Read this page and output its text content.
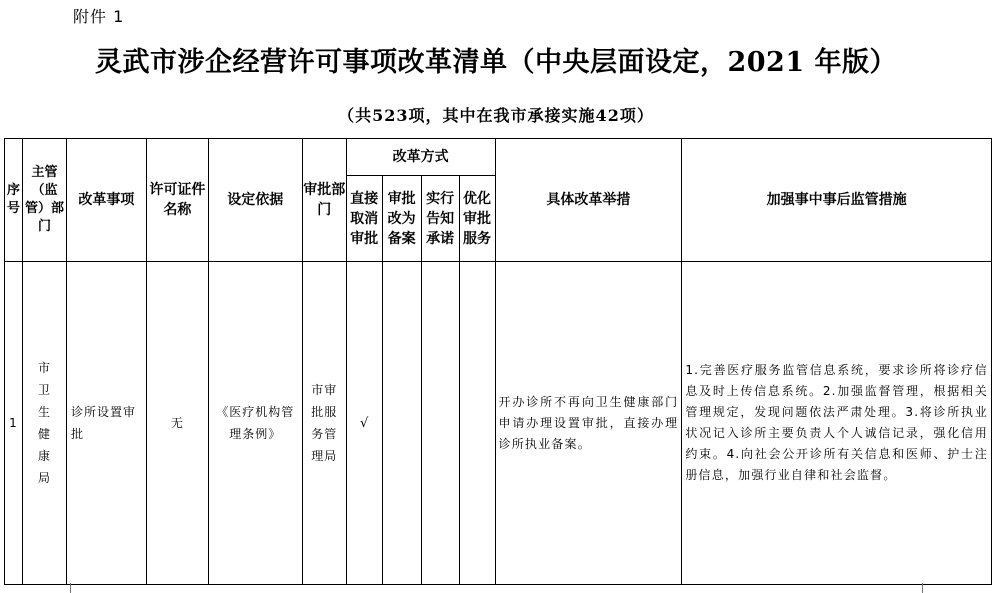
附件 1
灵武市涉企经营许可事项改革清单（中央层面设定，2021 年版）
（共523项，其中在我市承接实施42项）
序号	主管（监管）部门	改革事项	许可证件名称	设定依据	审批部门	改革方式				具体改革举措	加强事中事后监管措施
						直接取消审批	审批改为备案	实行告知承诺	优化审批服务		
1	市卫生健康局	诊所设置审批	无	《医疗机构管理条例》	市审批服务管理局	√				开办诊所不再向卫生健康部门申请办理设置审批，直接办理诊所执业备案。	1.完善医疗服务监管信息系统，要求诊所将诊疗信息及时上传信息系统。2.加强监督管理，根据相关管理规定，发现问题依法严肃处理。3.将诊所执业状况记入诊所主要负责人个人诚信记录，强化信用约束。4.向社会公开诊所有关信息和医师、护士注册信息，加强行业自律和社会监督。
